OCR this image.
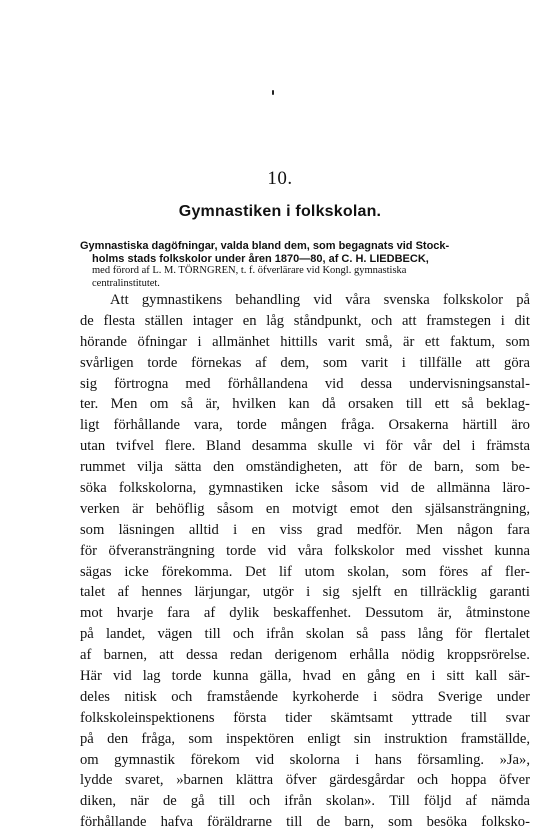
10.
Gymnastiken i folkskolan.
Gymnastiska dagöfningar, valda bland dem, som begagnats vid Stock-
holms stads folkskolor under åren 1870—80, af C. H. LIEDBECK,
med förord af L. M. TÖRNGREN, t. f. öfverlärare vid Kongl. gymnastiska
centralinstitutet.
Att gymnastikens behandling vid våra svenska folkskolor på
de flesta ställen intager en låg ståndpunkt, och att framstegen i dit
hörande öfningar i allmänhet hittills varit små, är ett faktum, som
svårligen torde förnekas af dem, som varit i tillfälle att göra
sig förtrogna med förhållandena vid dessa undervisningsanstal-
ter. Men om så är, hvilken kan då orsaken till ett så beklag-
ligt förhållande vara, torde mången fråga. Orsakerna härtill äro
utan tvifvel flere. Bland desamma skulle vi för vår del i främsta
rummet vilja sätta den omständigheten, att för de barn, som be-
söka folkskolorna, gymnastiken icke såsom vid de allmänna läro-
verken är behöflig såsom en motvigt emot den själsansträngning,
som läsningen alltid i en viss grad medför. Men någon fara
för öfveransträngning torde vid våra folkskolor med visshet kunna
sägas icke förekomma. Det lif utom skolan, som föres af fler-
talet af hennes lärjungar, utgör i sig sjelft en tillräcklig garanti
mot hvarje fara af dylik beskaffenhet. Dessutom är, åtminstone
på landet, vägen till och ifrån skolan så pass lång för flertalet
af barnen, att dessa redan derigenom erhålla nödig kroppsrörelse.
Här vid lag torde kunna gälla, hvad en gång en i sitt kall sär-
deles nitisk och framstående kyrkoherde i södra Sverige under
folkskoleinspektionens första tider skämtsamt yttrade till svar
på den fråga, som inspektören enligt sin instruktion framställde,
om gymnastik förekom vid skolorna i hans församling. »Ja»,
lydde svaret, »barnen klättra öfver gärdesgårdar och hoppa öfver
diken, när de gå till och ifrån skolan». Till följd af nämda
förhållande hafva föräldrarne till de barn, som besöka folksko-
